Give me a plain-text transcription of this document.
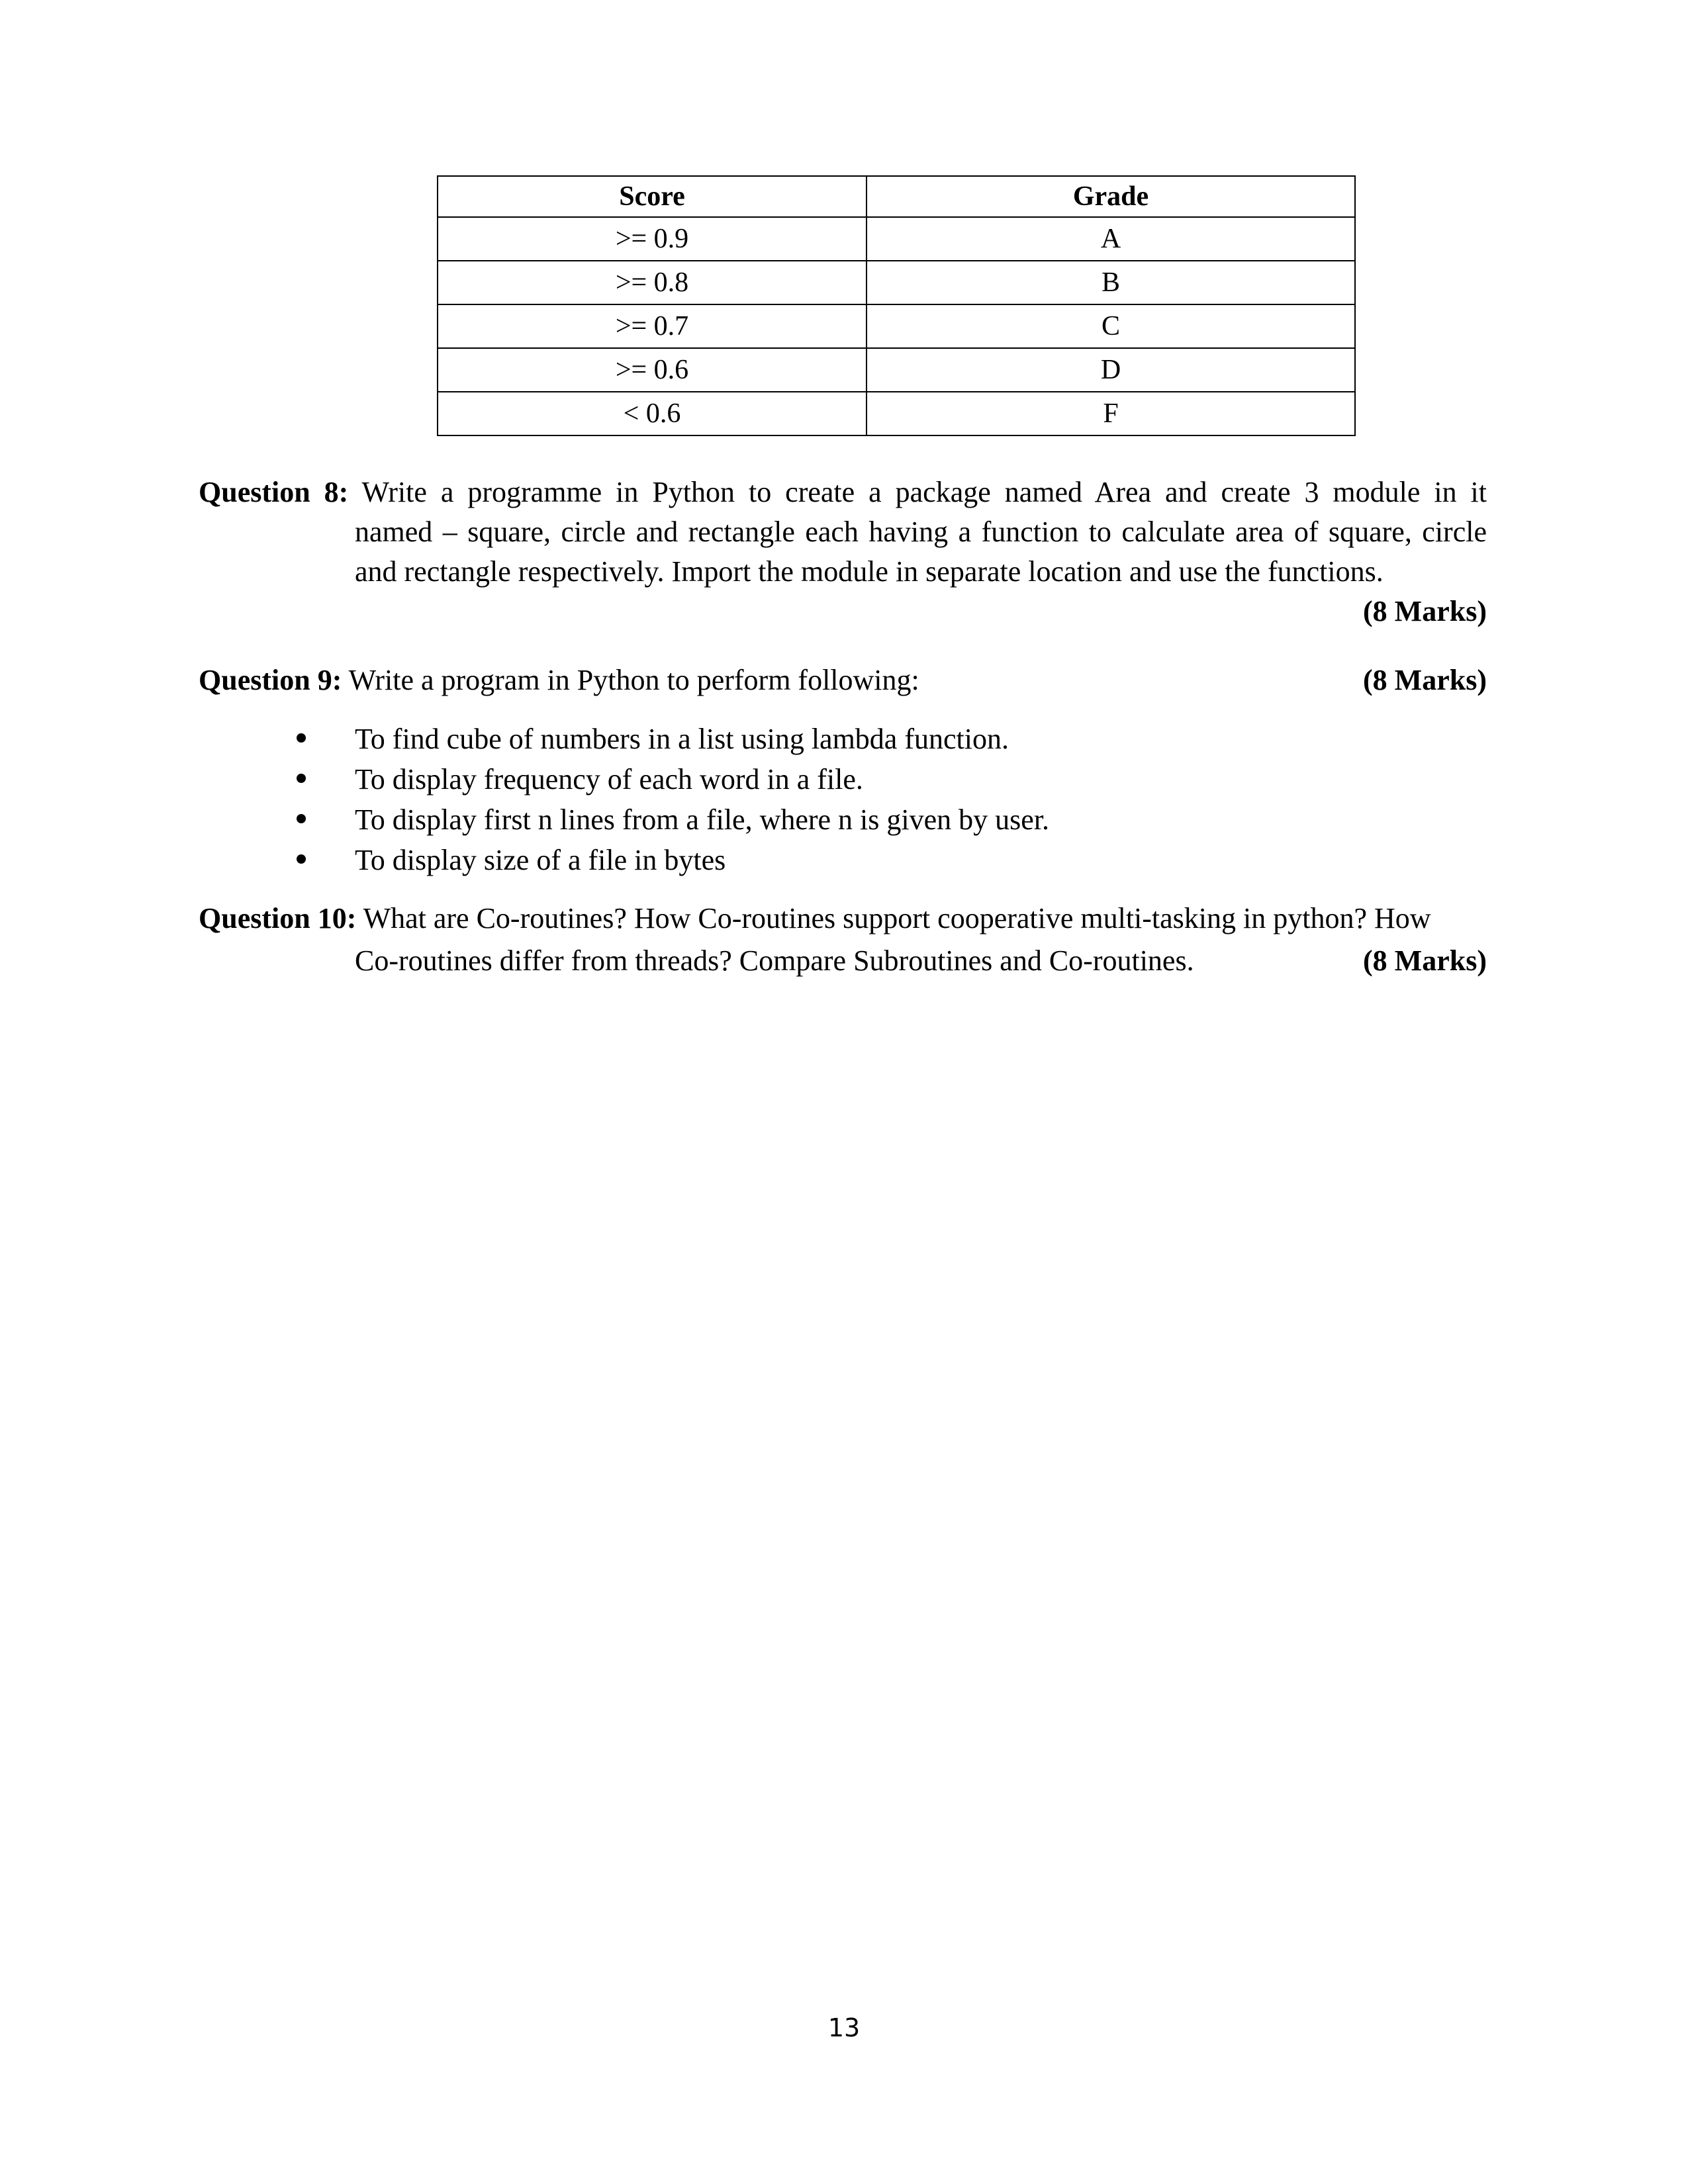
Score	Grade
>= 0.9	A
>= 0.8	B
>= 0.7	C
>= 0.6	D
< 0.6	F
Question 8: Write a programme in Python to create a package named Area and create 3 module in it
named – square, circle and rectangle each having a function to calculate area of square, circle
and rectangle respectively. Import the module in separate location and use the functions.
(8 Marks)
Question 9: Write a program in Python to perform following:	(8 Marks)
To find cube of numbers in a list using lambda function.
To display frequency of each word in a file.
To display first n lines from a file, where n is given by user.
To display size of a file in bytes
Question 10: What are Co-routines? How Co-routines support cooperative multi-tasking in python? How
Co-routines differ from threads? Compare Subroutines and Co-routines.	(8 Marks)
13
